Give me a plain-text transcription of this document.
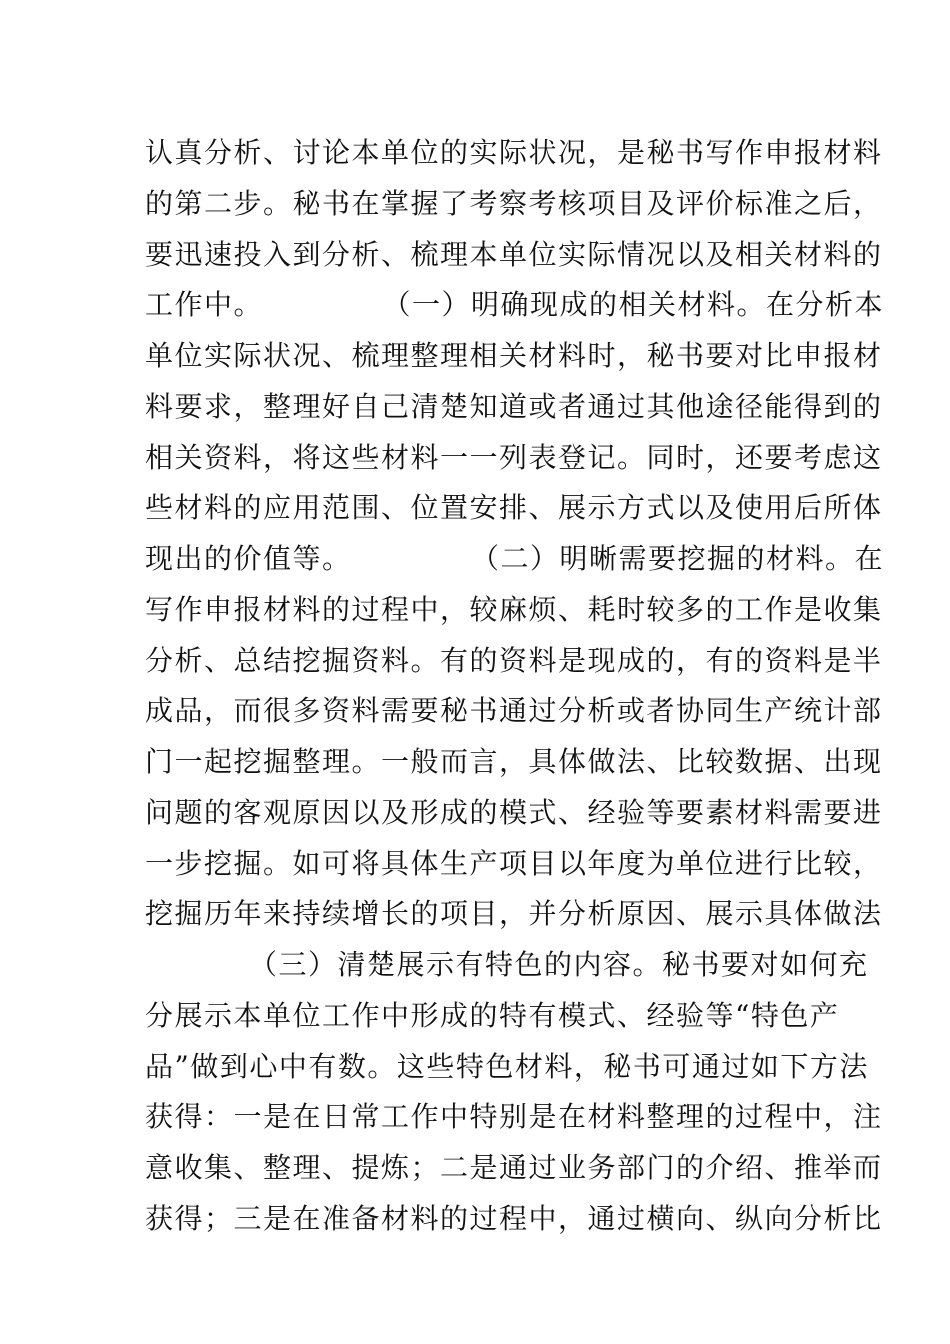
认真分析、讨论本单位的实际状况，是秘书写作申报材料
的第二步。秘书在掌握了考察考核项目及评价标准之后，
要迅速投入到分析、梳理本单位实际情况以及相关材料的
工作中。　　　　　（一）明确现成的相关材料。在分析本
单位实际状况、梳理整理相关材料时，秘书要对比申报材
料要求，整理好自己清楚知道或者通过其他途径能得到的
相关资料，将这些材料一一列表登记。同时，还要考虑这
些材料的应用范围、位置安排、展示方式以及使用后所体
现出的价值等。　　　　　（二）明晰需要挖掘的材料。在
写作申报材料的过程中，较麻烦、耗时较多的工作是收集
分析、总结挖掘资料。有的资料是现成的，有的资料是半
成品，而很多资料需要秘书通过分析或者协同生产统计部
门一起挖掘整理。一般而言，具体做法、比较数据、出现
问题的客观原因以及形成的模式、经验等要素材料需要进
一步挖掘。如可将具体生产项目以年度为单位进行比较，
挖掘历年来持续增长的项目，并分析原因、展示具体做法
　　　　（三）清楚展示有特色的内容。秘书要对如何充
分展示本单位工作中形成的特有模式、经验等“特色产
品”做到心中有数。这些特色材料，秘书可通过如下方法
获得：一是在日常工作中特别是在材料整理的过程中，注
意收集、整理、提炼；二是通过业务部门的介绍、推举而
获得；三是在准备材料的过程中，通过横向、纵向分析比
